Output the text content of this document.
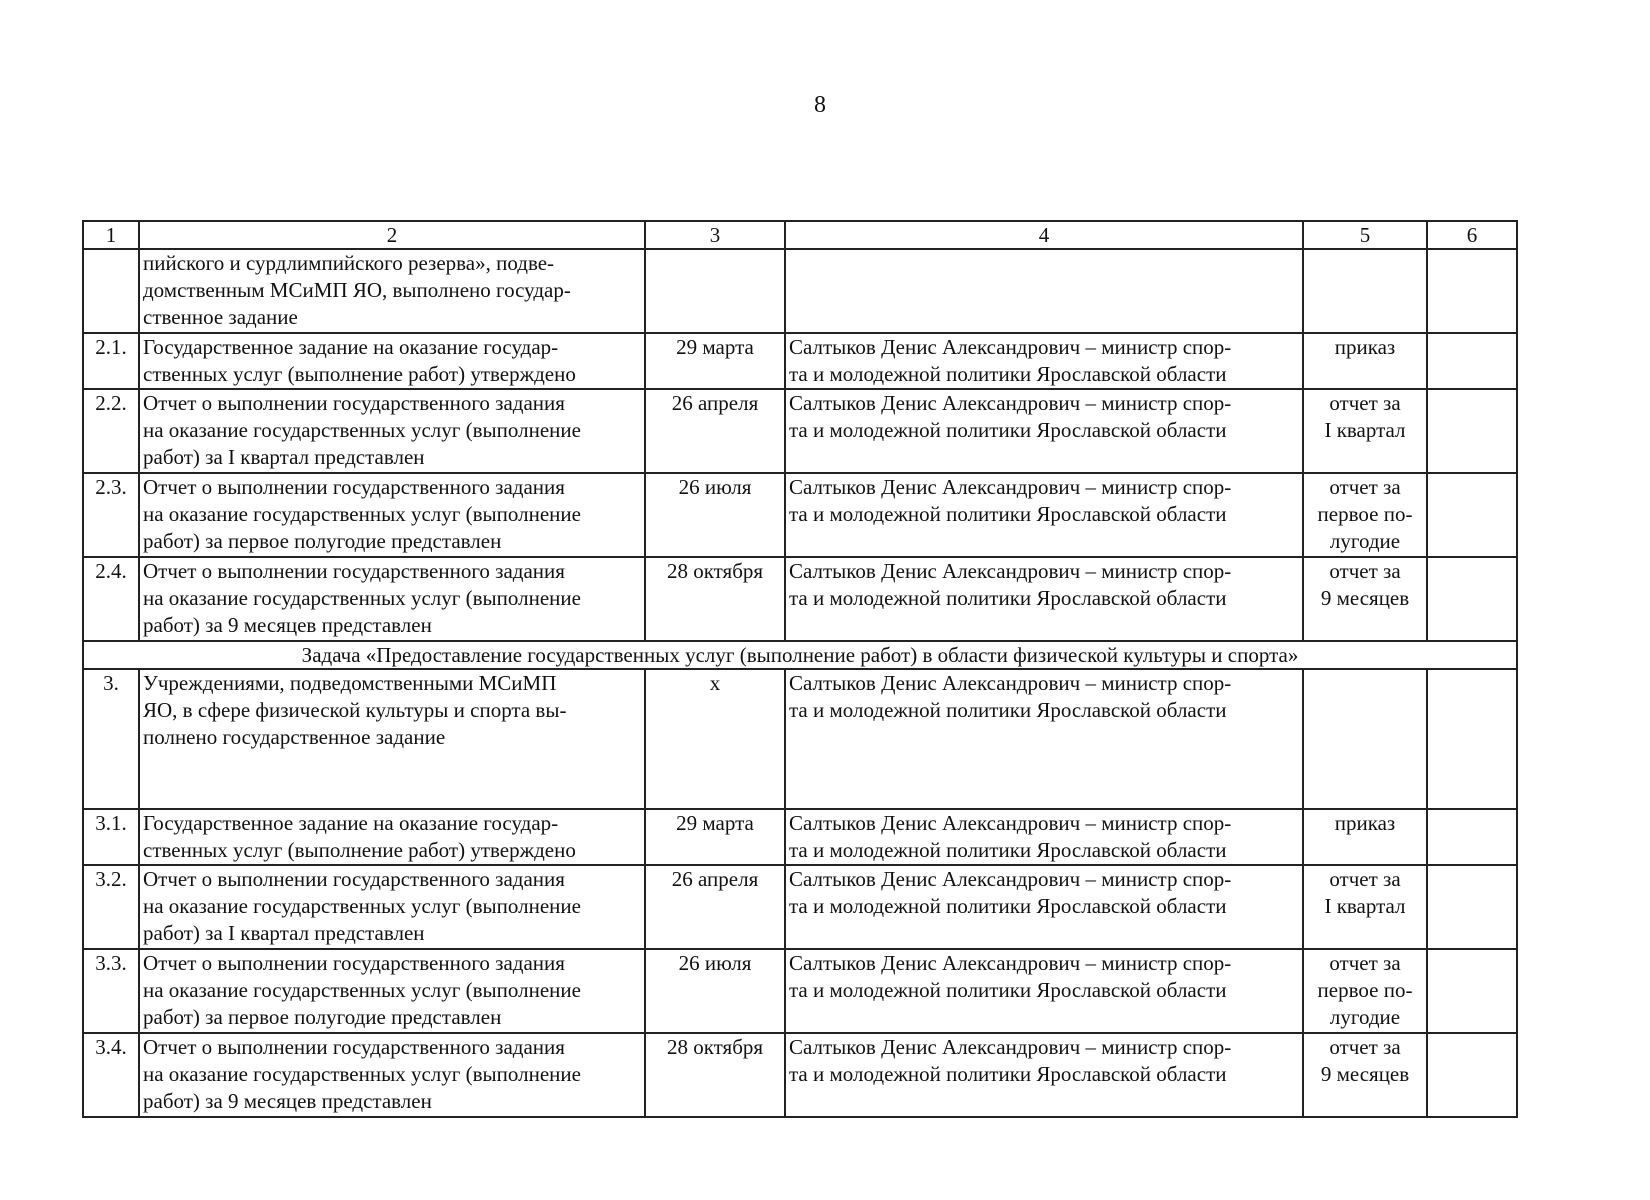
8
1	2	3	4	5	6

	пийского и сурдлимпийского резерва», подве-
домственным МСиМП ЯО, выполнено государ-
ственное задание				

2.1.	Государственное задание на оказание государ-
ственных услуг (выполнение работ) утверждено	29 марта	Салтыков Денис Александрович – министр спор-
та и молодежной политики Ярославской области	приказ	

2.2.	Отчет о выполнении государственного задания
на оказание государственных услуг (выполнение
работ) за I квартал представлен	26 апреля	Салтыков Денис Александрович – министр спор-
та и молодежной политики Ярославской области	отчет за
I квартал	

2.3.	Отчет о выполнении государственного задания
на оказание государственных услуг (выполнение
работ) за первое полугодие представлен	26 июля	Салтыков Денис Александрович – министр спор-
та и молодежной политики Ярославской области	отчет за
первое по-
лугодие	

2.4.	Отчет о выполнении государственного задания
на оказание государственных услуг (выполнение
работ) за 9 месяцев представлен	28 октября	Салтыков Денис Александрович – министр спор-
та и молодежной политики Ярославской области	отчет за
9 месяцев	

Задача «Предоставление государственных услуг (выполнение работ) в области физической культуры и спорта»					
3.	Учреждениями, подведомственными МСиМП
ЯО, в сфере физической культуры и спорта вы-
полнено государственное задание	х	Салтыков Денис Александрович – министр спор-
та и молодежной политики Ярославской области		

3.1.	Государственное задание на оказание государ-
ственных услуг (выполнение работ) утверждено	29 марта	Салтыков Денис Александрович – министр спор-
та и молодежной политики Ярославской области	приказ	

3.2.	Отчет о выполнении государственного задания
на оказание государственных услуг (выполнение
работ) за I квартал представлен	26 апреля	Салтыков Денис Александрович – министр спор-
та и молодежной политики Ярославской области	отчет за
I квартал	

3.3.	Отчет о выполнении государственного задания
на оказание государственных услуг (выполнение
работ) за первое полугодие представлен	26 июля	Салтыков Денис Александрович – министр спор-
та и молодежной политики Ярославской области	отчет за
первое по-
лугодие	

3.4.	Отчет о выполнении государственного задания
на оказание государственных услуг (выполнение
работ) за 9 месяцев представлен	28 октября	Салтыков Денис Александрович – министр спор-
та и молодежной политики Ярославской области	отчет за
9 месяцев	
